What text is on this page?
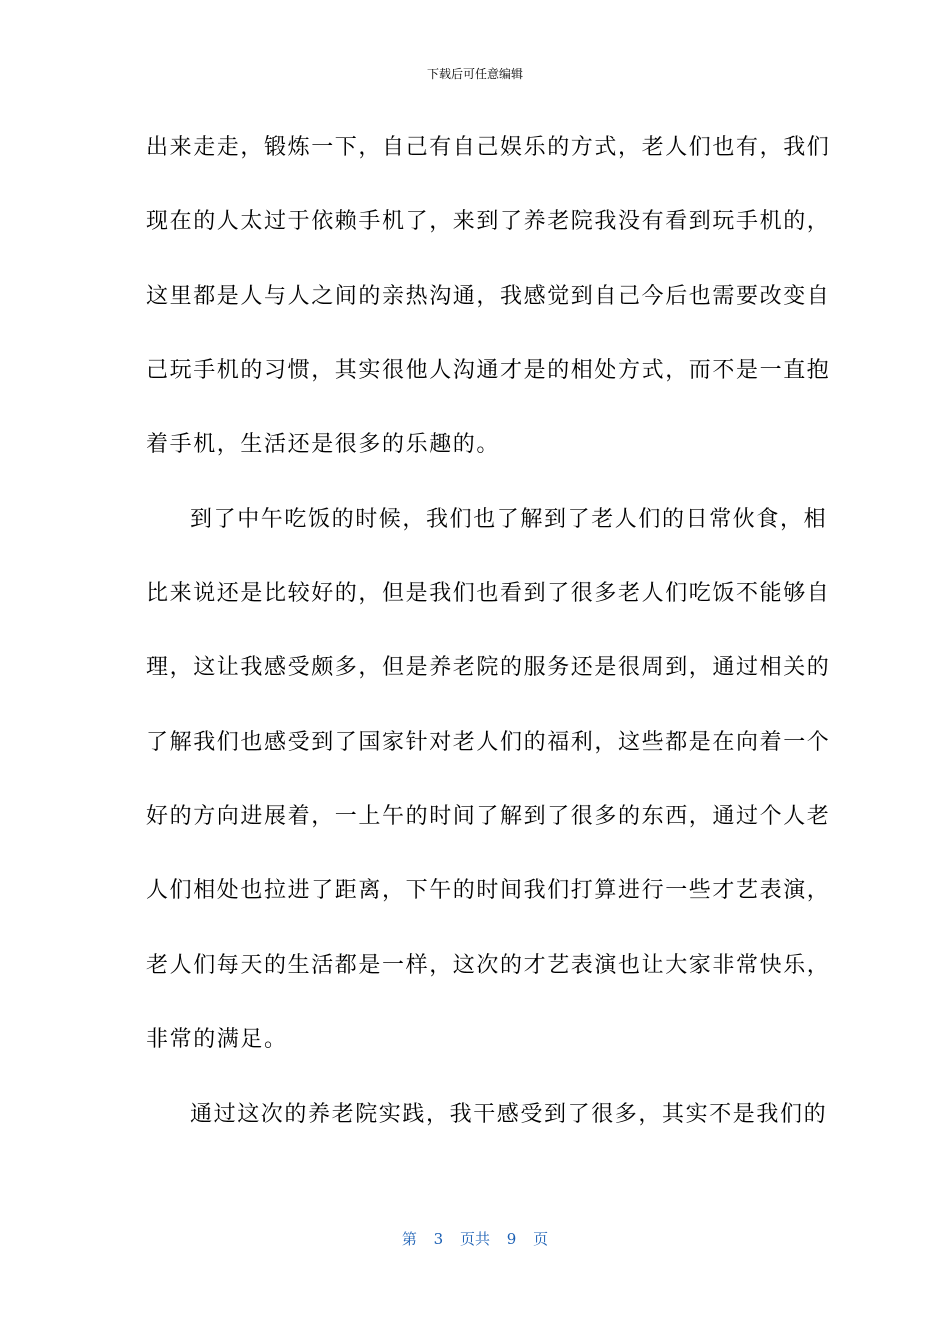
下载后可任意编辑
出来走走，锻炼一下，自己有自己娱乐的方式，老人们也有，我们
现在的人太过于依赖手机了，来到了养老院我没有看到玩手机的，
这里都是人与人之间的亲热沟通，我感觉到自己今后也需要改变自
己玩手机的习惯，其实很他人沟通才是的相处方式，而不是一直抱
着手机，生活还是很多的乐趣的。
到了中午吃饭的时候，我们也了解到了老人们的日常伙食，相
比来说还是比较好的，但是我们也看到了很多老人们吃饭不能够自
理，这让我感受颇多，但是养老院的服务还是很周到，通过相关的
了解我们也感受到了国家针对老人们的福利，这些都是在向着一个
好的方向进展着，一上午的时间了解到了很多的东西，通过个人老
人们相处也拉进了距离，下午的时间我们打算进行一些才艺表演，
老人们每天的生活都是一样，这次的才艺表演也让大家非常快乐，
非常的满足。
通过这次的养老院实践，我干感受到了很多，其实不是我们的
第 3 页共 9 页
